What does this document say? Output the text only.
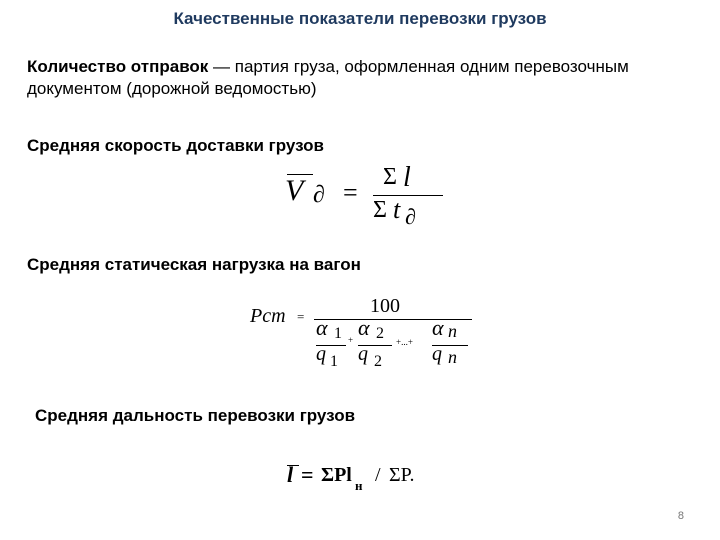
Качественные показатели перевозки грузов
Количество отправок — партия груза, оформленная одним перевозочным документом (дорожной ведомостью)
Средняя скорость доставки грузов
V ∂ =
Σ l
Σ t ∂
Средняя статическая нагрузка на вагон
Pcm =	100
α 1
q 1
+ α 2
q 2
+...+
α n
q n
Средняя дальность перевозки грузов
l = ΣPl н / ΣP.
8
